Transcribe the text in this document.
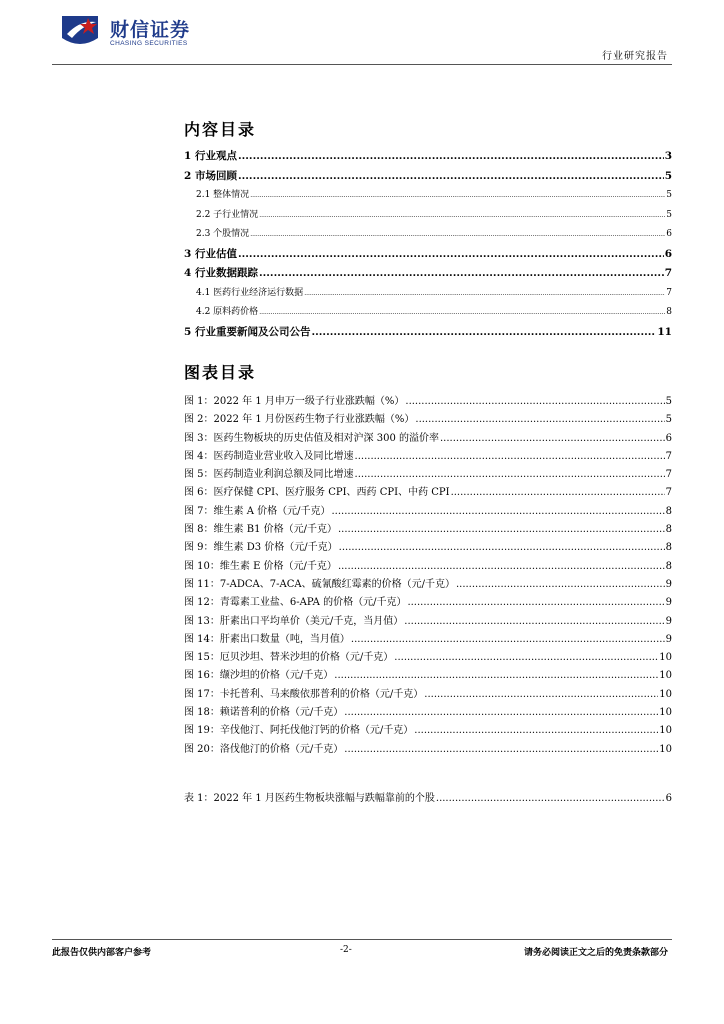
财信证券
CHASING SECURITIES
行业研究报告
内容目录
1 行业观点 .....	3
2 市场回顾 .....	5
2.1 整体情况 .....	5
2.2 子行业情况 .....	5
2.3 个股情况 .....	6
3 行业估值 .....	6
4 行业数据跟踪 .....	7
4.1 医药行业经济运行数据 .....	7
4.2 原料药价格 .....	8
5 行业重要新闻及公司公告 .....	11
图表目录
图 1：2022 年 1 月申万一级子行业涨跌幅（%） .....	5
图 2：2022 年 1 月份医药生物子行业涨跌幅（%） .....	5
图 3：医药生物板块的历史估值及相对沪深 300 的溢价率 .....	6
图 4：医药制造业营业收入及同比增速 .....	7
图 5：医药制造业利润总额及同比增速 .....	7
图 6：医疗保健 CPI、医疗服务 CPI、西药 CPI、中药 CPI .....	7
图 7：维生素 A 价格（元/千克） .....	8
图 8：维生素 B1 价格（元/千克） .....	8
图 9：维生素 D3 价格（元/千克） .....	8
图 10：维生素 E 价格（元/千克） .....	8
图 11：7-ADCA、7-ACA、硫氰酸红霉素的价格（元/千克） .....	9
图 12：青霉素工业盐、6-APA 的价格（元/千克） .....	9
图 13：肝素出口平均单价（美元/千克，当月值） .....	9
图 14：肝素出口数量（吨，当月值） .....	9
图 15：厄贝沙坦、替米沙坦的价格（元/千克） .....	10
图 16：缬沙坦的价格（元/千克） .....	10
图 17：卡托普利、马来酸依那普利的价格（元/千克） .....	10
图 18：赖诺普利的价格（元/千克） .....	10
图 19：辛伐他汀、阿托伐他汀钙的价格（元/千克） .....	10
图 20：洛伐他汀的价格（元/千克） .....	10
表 1：2022 年 1 月医药生物板块涨幅与跌幅靠前的个股 .....	6
此报告仅供内部客户参考	-2-	请务必阅读正文之后的免责条款部分
